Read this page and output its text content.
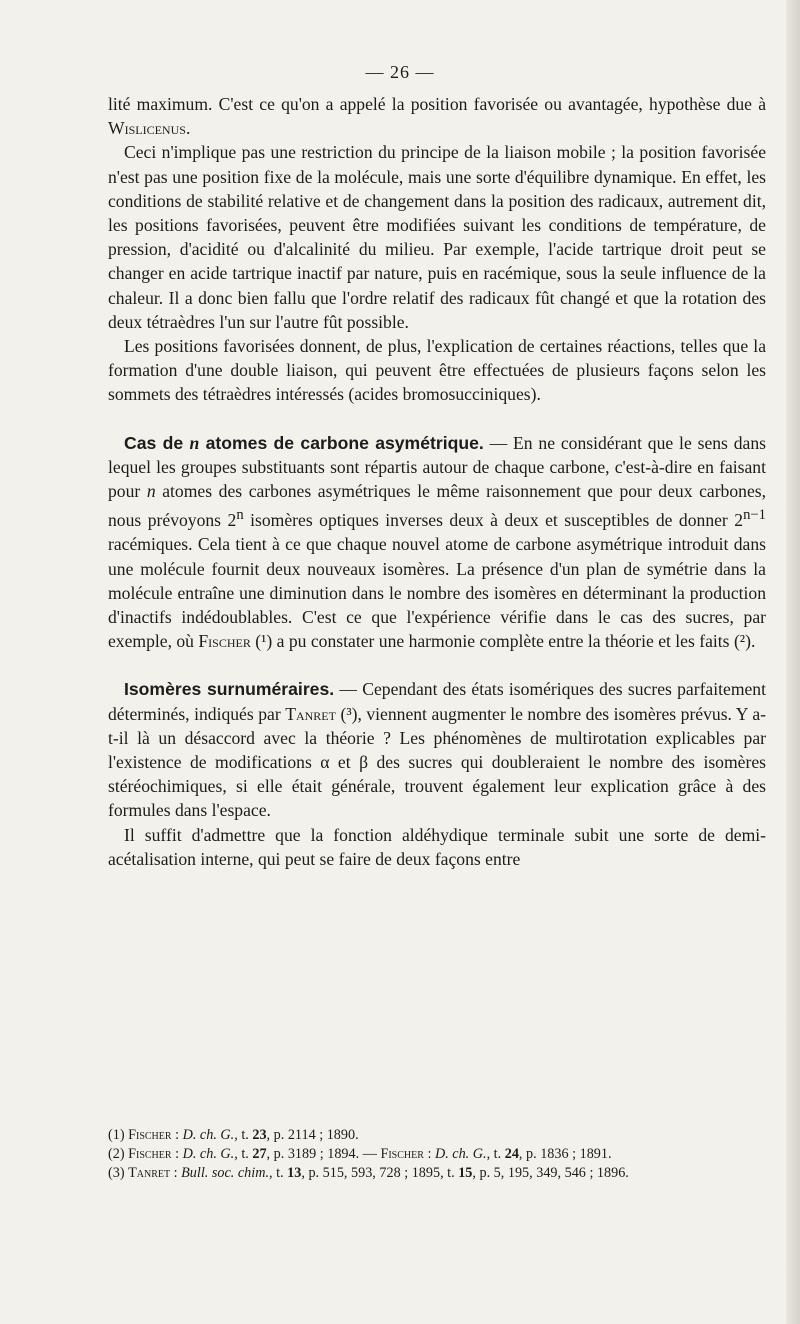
— 26 —

lité maximum. C'est ce qu'on a appelé la position favorisée ou avantagée, hypothèse due à Wislicenus.

Ceci n'implique pas une restriction du principe de la liaison mobile ; la position favorisée n'est pas une position fixe de la molécule, mais une sorte d'équilibre dynamique. En effet, les conditions de stabilité relative et de changement dans la position des radicaux, autrement dit, les positions favorisées, peuvent être modifiées suivant les conditions de température, de pression, d'acidité ou d'alcalinité du milieu. Par exemple, l'acide tartrique droit peut se changer en acide tartrique inactif par nature, puis en racémique, sous la seule influence de la chaleur. Il a donc bien fallu que l'ordre relatif des radicaux fût changé et que la rotation des deux tétraèdres l'un sur l'autre fût possible.

Les positions favorisées donnent, de plus, l'explication de certaines réactions, telles que la formation d'une double liaison, qui peuvent être effectuées de plusieurs façons selon les sommets des tétraèdres intéressés (acides bromosucciniques).

Cas de n atomes de carbone asymétrique. — En ne considérant que le sens dans lequel les groupes substituants sont répartis autour de chaque carbone, c'est-à-dire en faisant pour n atomes des carbones asymétriques le même raisonnement que pour deux carbones, nous prévoyons 2$^n$ isomères optiques inverses deux à deux et susceptibles de donner $2^{n-1}$ racémiques. Cela tient à ce que chaque nouvel atome de carbone asymétrique introduit dans une molécule fournit deux nouveaux isomères. La présence d'un plan de symétrie dans la molécule entraîne une diminution dans le nombre des isomères en déterminant la production d'inactifs indédoublables. C'est ce que l'expérience vérifie dans le cas des sucres, par exemple, où Fischer (¹) a pu constater une harmonie complète entre la théorie et les faits (²).

Isomères surnuméraires. — Cependant des états isomériques des sucres parfaitement déterminés, indiqués par Tanret (³), viennent augmenter le nombre des isomères prévus. Y a-t-il là un désaccord avec la théorie ? Les phénomènes de multirotation explicables par l'existence de modifications α et β des sucres qui doubleraient le nombre des isomères stéréochimiques, si elle était générale, trouvent également leur explication grâce à des formules dans l'espace.

Il suffit d'admettre que la fonction aldéhydique terminale subit une sorte de demi-acétalisation interne, qui peut se faire de deux façons entre

(1) Fischer : D. ch. G., t. 23, p. 2114 ; 1890.

(2) Fischer : D. ch. G., t. 27, p. 3189 ; 1894. — Fischer : D. ch. G., t. 24, p. 1836 ; 1891.

(3) Tanret : Bull. soc. chim., t. 13, p. 515, 593, 728 ; 1895, t. 15, p. 5, 195, 349, 546 ; 1896.
